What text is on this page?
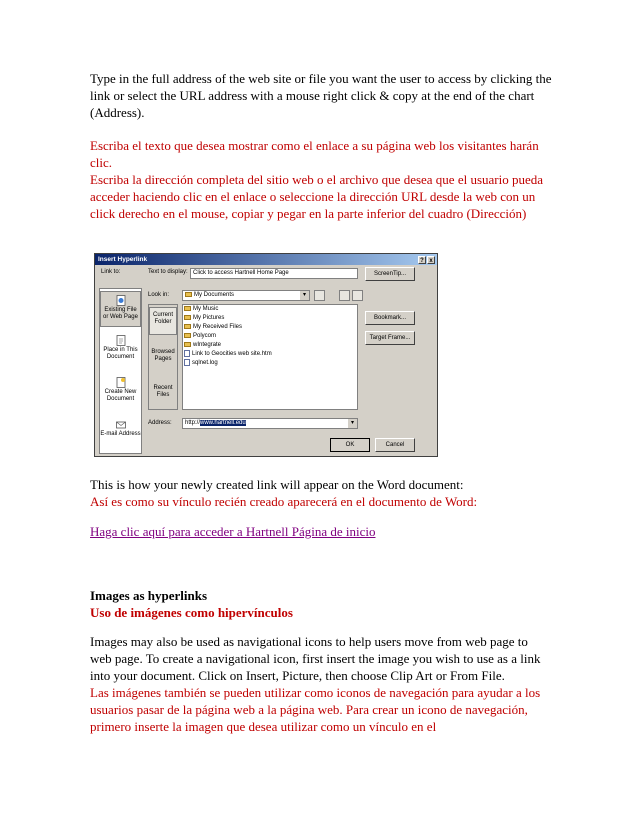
Type in the full address of the web site or file you want the user to access by clicking the link or select the URL address with a mouse right click & copy at the end of the chart (Address).

Escriba el texto que desea mostrar como el enlace a su página web los visitantes harán clic.

Escriba la dirección completa del sitio web o el archivo que desea que el usuario pueda acceder haciendo clic en el enlace o seleccione la dirección URL desde la web con un click derecho en el mouse, copiar y pegar en la parte inferior del cuadro (Dirección)

Insert Hyperlink	? x
Link to:	Text to display: Click to access Hartnell Home Page	ScreenTip...
Existing File or Web Page
Place in This Document
Create New Document
E-mail Address
Look in:	My Documents	▾
Current Folder
Browsed Pages
Recent Files
My Music
My Pictures
My Received Files
Polycom
wIntegrate
Link to Geocities web site.htm
sqlnet.log
Bookmark...
Target Frame...
Address:	http://www.hartnell.edu	▾
OK	Cancel

This is how your newly created link will appear on the Word document:

Así es como su vínculo recién creado aparecerá en el documento de Word:

Haga clic aquí para acceder a Hartnell Página de inicio

Images as hyperlinks

Uso de imágenes como hipervínculos

Images may also be used as navigational icons to help users move from web page to web page. To create a navigational icon, first insert the image you wish to use as a link into your document. Click on Insert, Picture, then choose Clip Art or From File.

Las imágenes también se pueden utilizar como iconos de navegación para ayudar a los usuarios pasar de la página web a la página web. Para crear un icono de navegación, primero inserte la imagen que desea utilizar como un vínculo en el
